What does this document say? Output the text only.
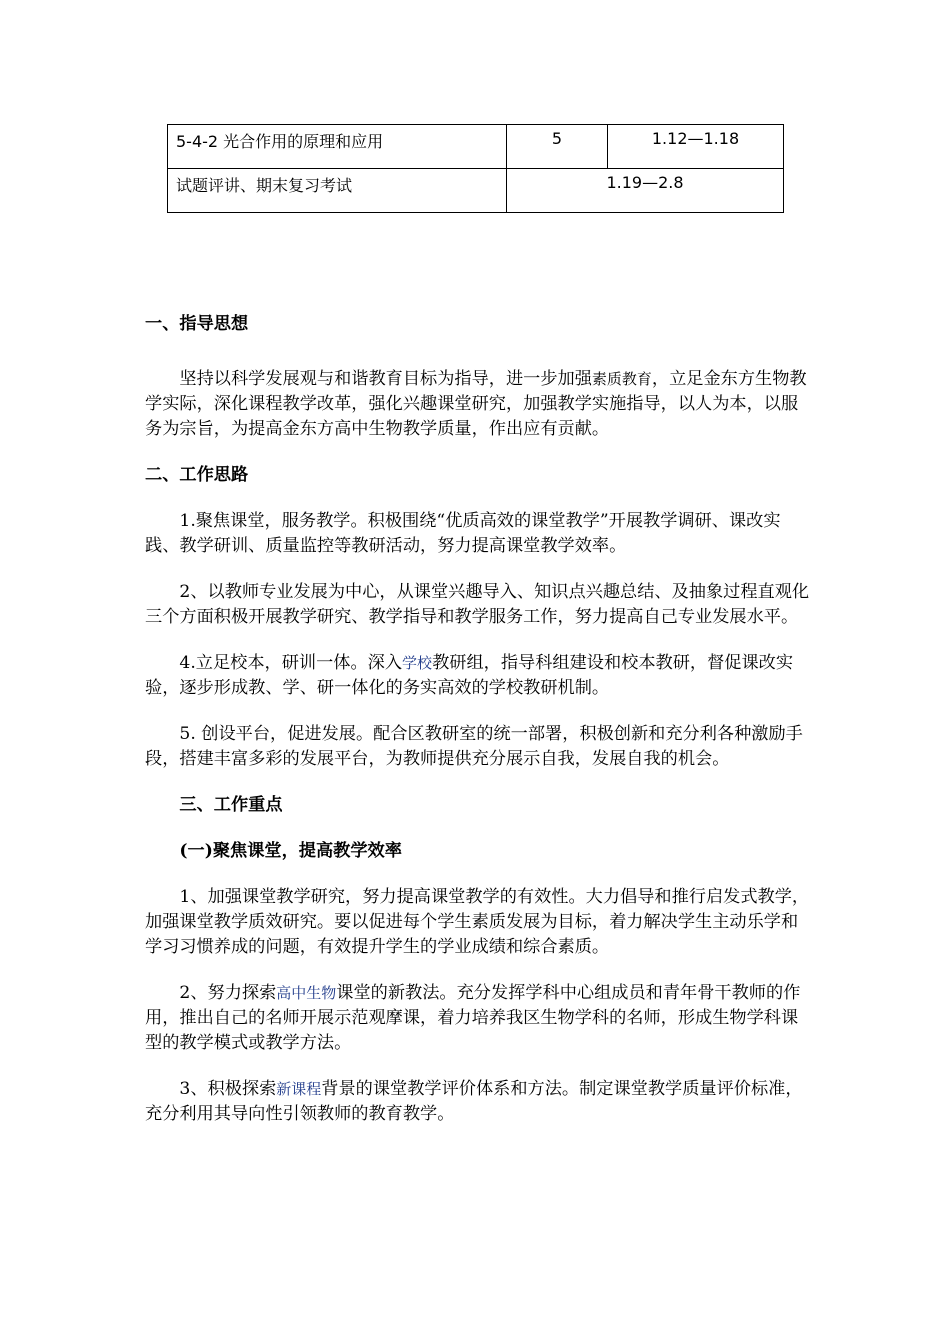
5-4-2 光合作用的原理和应用	5	1.12—1.18
试题评讲、期末复习考试	1.19—2.8	
一、指导思想

坚持以科学发展观与和谐教育目标为指导，进一步加强素质教育，立足金东方生物教学实际，深化课程教学改革，强化兴趣课堂研究，加强教学实施指导，以人为本，以服务为宗旨，为提高金东方高中生物教学质量，作出应有贡献。

二、工作思路

1.聚焦课堂，服务教学。积极围绕“优质高效的课堂教学”开展教学调研、课改实践、教学研训、质量监控等教研活动，努力提高课堂教学效率。

2、以教师专业发展为中心，从课堂兴趣导入、知识点兴趣总结、及抽象过程直观化三个方面积极开展教学研究、教学指导和教学服务工作，努力提高自己专业发展水平。

4.立足校本，研训一体。深入学校教研组，指导科组建设和校本教研，督促课改实验，逐步形成教、学、研一体化的务实高效的学校教研机制。

5. 创设平台，促进发展。配合区教研室的统一部署，积极创新和充分利各种激励手段，搭建丰富多彩的发展平台，为教师提供充分展示自我，发展自我的机会。

三、工作重点
(一)聚焦课堂，提高教学效率

1、加强课堂教学研究，努力提高课堂教学的有效性。大力倡导和推行启发式教学，加强课堂教学质效研究。要以促进每个学生素质发展为目标，着力解决学生主动乐学和学习习惯养成的问题，有效提升学生的学业成绩和综合素质。

2、努力探索高中生物课堂的新教法。充分发挥学科中心组成员和青年骨干教师的作用，推出自己的名师开展示范观摩课，着力培养我区生物学科的名师，形成生物学科课型的教学模式或教学方法。

3、积极探索新课程背景的课堂教学评价体系和方法。制定课堂教学质量评价标准，充分利用其导向性引领教师的教育教学。
